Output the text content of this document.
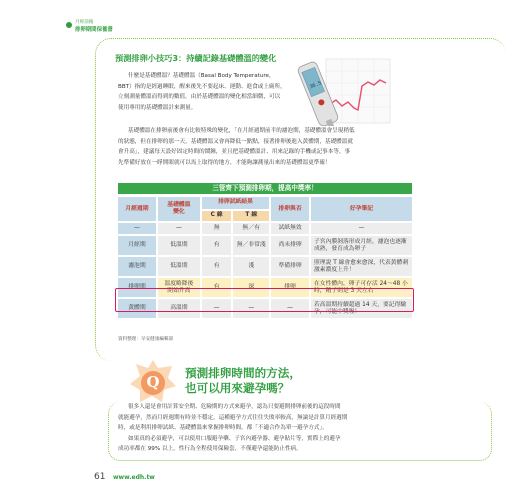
月經前後
排卵期間保養書
預測排卵小技巧3：持續記錄基礎體溫的變化
什麼是基礎體溫？基礎體溫（Basal Body Temperature，
BBT）指的是經過睡眠，醒來後先不要起床、運動、進食或上廁所，
立刻測量體溫而得到的數值。由於基礎體溫的變化相當細微，可以
使用專用的基礎體溫計來測量。
36.5
基礎體溫在排卵前後會有比較特殊的變化，「在月經週期前半的濾泡期，基礎體溫會呈現稍低
的狀態，但在排卵的那一天，基礎體溫又會再降低一點點，接著排卵後進入黃體期，基礎體溫就
會升高」，建議每天設好固定時間的鬧鐘，並且把基礎體溫計、用來記錄的手機或記事本等，事
先準備好放在一睜開眼就可以馬上取得的地方，才能夠讓測量出來的基礎體溫更準確！
三管齊下預測排卵期，提高中獎率！
月經週期	基礎體溫變化	排卵試紙結果		排卵與否	好孕筆記
		C 線	T 線		
—	—	無	無／有	試紙無效	—
月經期	低溫期	有	無／非常淺	尚未排卵	子宮內膜剝落形成月經，濾泡也逐漸成熟，發育成為卵子
濾泡期	低溫期	有	淺	準備排卵	照理說 T 線會愈來愈深，代表黃體刺激素濃度上升！
排卵期	溫度略降後開始升高	有	深	排卵	在女性體內，卵子可存活 24～48 小時，精子則是 3 天左右
黃體期	高溫期	—	—	—	若高溫期持續超過 14 天，要記得驗孕，可能中獎喔！
資料整理：早安健康編輯部
Q 預測排卵時間的方法，
也可以用來避孕嗎？
很多人還是會用計算安全期、危險期的方式來避孕，認為只要避開排卵前後的這段時間
就能避孕，然而月經週期有時並不穩定，這種避孕方式往往失敗率較高，無論是計算月經週期
時，或是利用排卵試紙、基礎體溫來掌握排卵時間，都「不適合作為單一避孕方式」。
如果真的必須避孕，可以使用口服避孕藥、子宮內避孕器、避孕貼片等，實際上的避孕
成功率都在 99% 以上，性行為全程使用保險套，不僅避孕還能防止性病。
61 www.edh.tw
